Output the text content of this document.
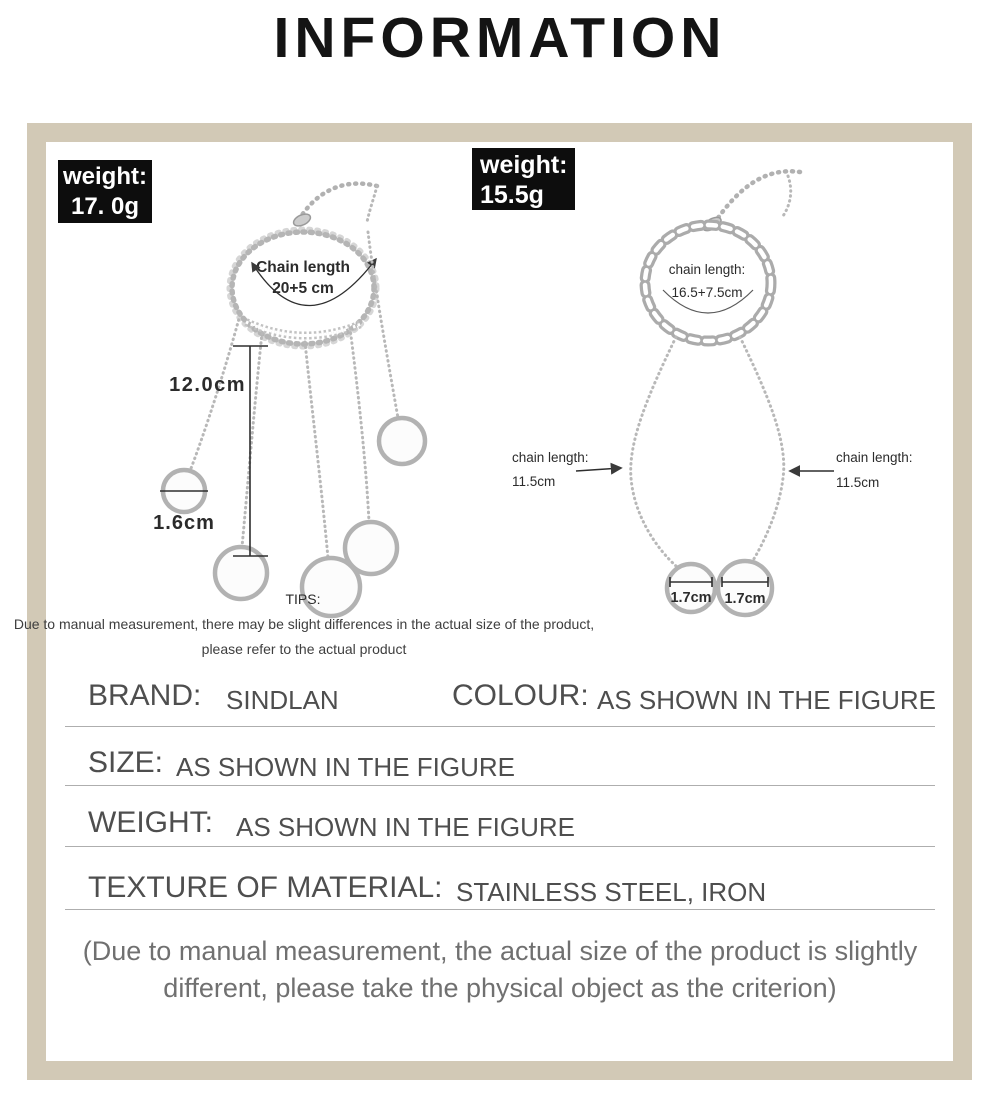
INFORMATION
Chain length
20+5 cm
1.6cm
12.0cm
TIPS:
chain length:
16.5+7.5cm
1.7cm 1.7cm
chain length:
11.5cm
chain length:
11.5cm
weight:
17. 0g
weight:
15.5g
Due to manual measurement, there may be slight differences in the actual size of the product,
please refer to the actual product
BRAND: SINDLAN	COLOUR: AS SHOWN IN THE FIGURE
SIZE: AS SHOWN IN THE FIGURE
WEIGHT: AS SHOWN IN THE FIGURE
TEXTURE OF MATERIAL: STAINLESS STEEL, IRON
(Due to manual measurement, the actual size of the product is slightly
different, please take the physical object as the criterion)
